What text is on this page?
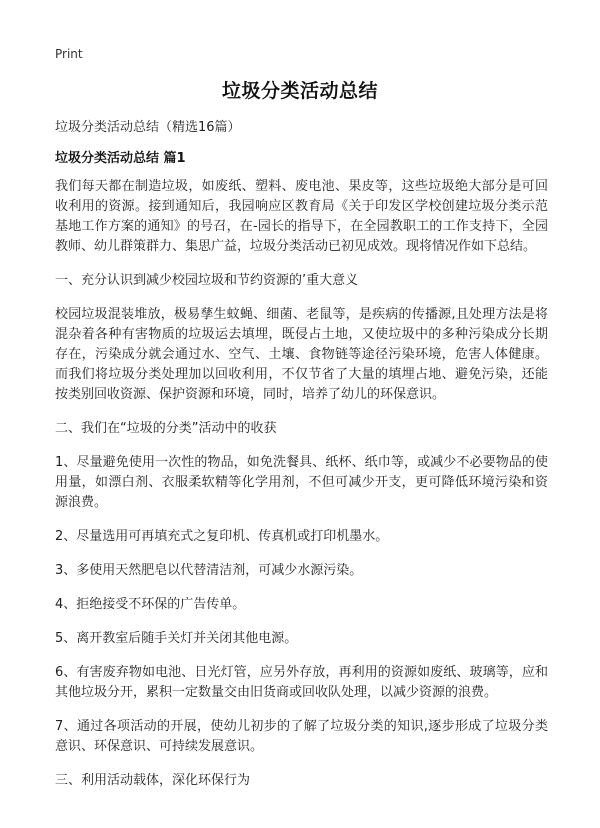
Print
垃圾分类活动总结
垃圾分类活动总结（精选16篇）
垃圾分类活动总结 篇1

我们每天都在制造垃圾，如废纸、塑料、废电池、果皮等，这些垃圾绝大部分是可回收利用的资源。接到通知后，我园响应区教育局《关于印发区学校创建垃圾分类示范基地工作方案的通知》的号召，在-园长的指导下，在全园教职工的工作支持下，全园教师、幼儿群策群力、集思广益，垃圾分类活动已初见成效。现将情况作如下总结。

一、充分认识到减少校园垃圾和节约资源的’重大意义

校园垃圾混装堆放，极易孳生蚊蝇、细菌、老鼠等，是疾病的传播源,且处理方法是将混杂着各种有害物质的垃圾运去填埋，既侵占土地，又使垃圾中的多种污染成分长期存在，污染成分就会通过水、空气、土壤、食物链等途径污染环境，危害人体健康。而我们将垃圾分类处理加以回收利用，不仅节省了大量的填埋占地、避免污染，还能按类别回收资源、保护资源和环境，同时，培养了幼儿的环保意识。

二、我们在“垃圾的分类”活动中的收获

1、尽量避免使用一次性的物品，如免洗餐具、纸杯、纸巾等，或减少不必要物品的使用量，如漂白剂、衣服柔软精等化学用剂，不但可减少开支，更可降低环境污染和资源浪费。

2、尽量选用可再填充式之复印机、传真机或打印机墨水。

3、多使用天然肥皂以代替清洁剂，可减少水源污染。

4、拒绝接受不环保的广告传单。

5、离开教室后随手关灯并关闭其他电源。

6、有害废弃物如电池、日光灯管，应另外存放，再利用的资源如废纸、玻璃等，应和其他垃圾分开，累积一定数量交由旧货商或回收队处理，以减少资源的浪费。

7、通过各项活动的开展，使幼儿初步的了解了垃圾分类的知识,逐步形成了垃圾分类意识、环保意识、可持续发展意识。

三、利用活动载体，深化环保行为
